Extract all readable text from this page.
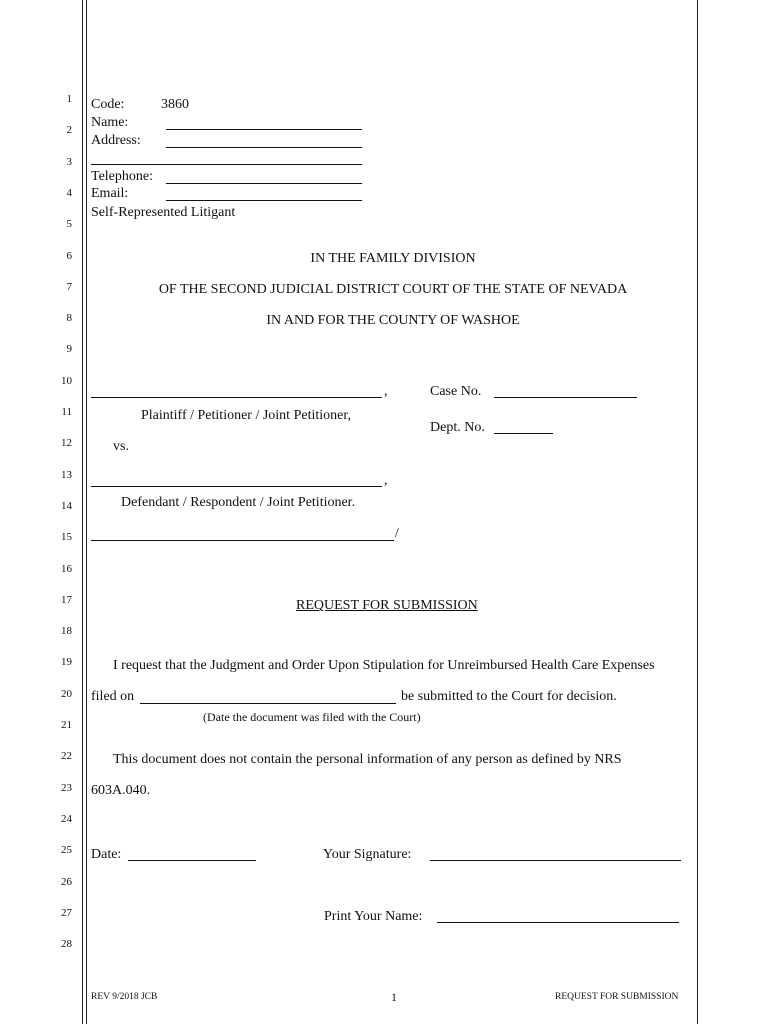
1
2
3
4
5
6
7
8
9
10
11
12
13
14
15
16
17
18
19
20
21
22
23
24
25
26
27
28
Code:	3860
Name:
Address:
Telephone:
Email:
Self-Represented Litigant
IN THE FAMILY DIVISION
OF THE SECOND JUDICIAL DISTRICT COURT OF THE STATE OF NEVADA
IN AND FOR THE COUNTY OF WASHOE
,
Plaintiff / Petitioner / Joint Petitioner,
vs.
,
Defendant / Respondent / Joint Petitioner.
/
Case No.
Dept. No.
REQUEST FOR SUBMISSION
I request that the Judgment and Order Upon Stipulation for Unreimbursed Health Care Expenses
filed on	be submitted to the Court for decision.
(Date the document was filed with the Court)
This document does not contain the personal information of any person as defined by NRS
603A.040.
Date:	Your Signature:
Print Your Name:
REV 9/2018 JCB	1	REQUEST FOR SUBMISSION
